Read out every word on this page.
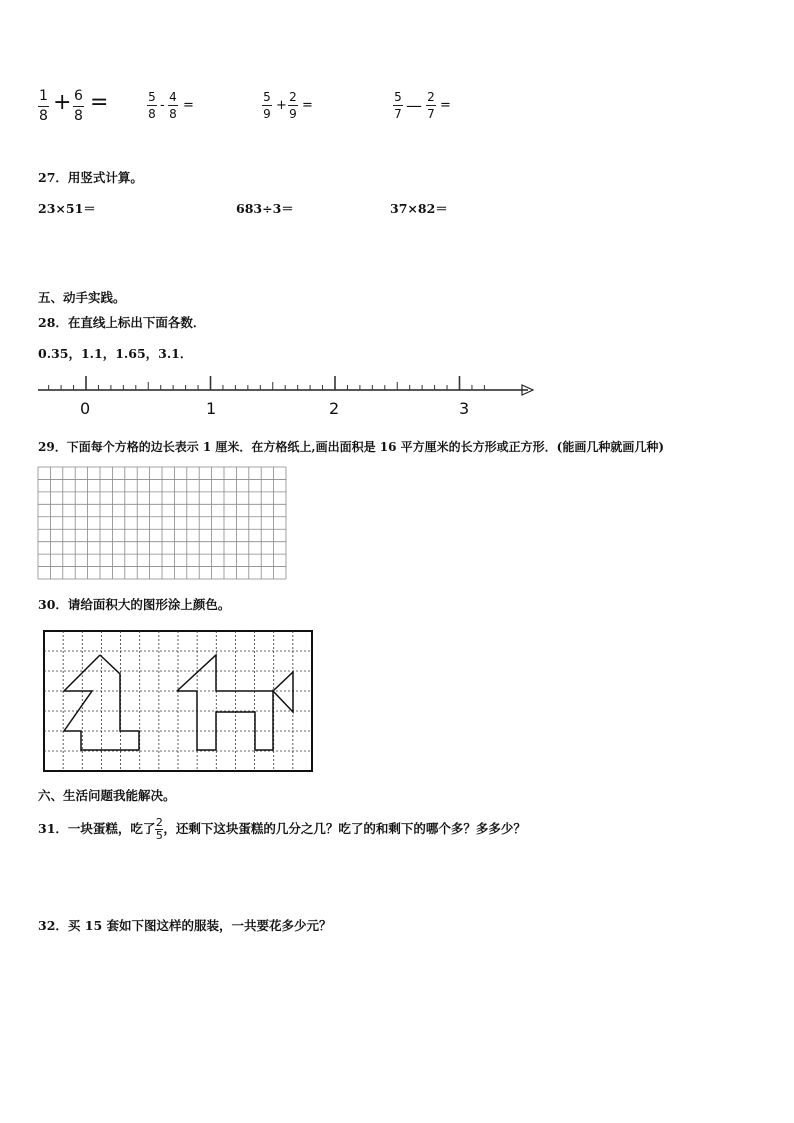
1
8
+ 6
8
=	5
8
-
4
8
=
5
9
+
2
9
=
5
7 — 2
7
=
27．用竖式计算。
23×51＝	683÷3＝	37×82＝
五、动手实践。
28．在直线上标出下面各数．
0.35，1.1，1.65，3.1．
0	1	2	3
29．下面每个方格的边长表示 1 厘米．在方格纸上,画出面积是 16 平方厘米的长方形或正方形．(能画几种就画几种)
30．请给面积大的图形涂上颜色。
六、生活问题我能解决。
31．一块蛋糕，吃了 $\frac{2}{5}$ ，还剩下这块蛋糕的几分之几？吃了的和剩下的哪个多？多多少？
32．买 15 套如下图这样的服装，一共要花多少元？
